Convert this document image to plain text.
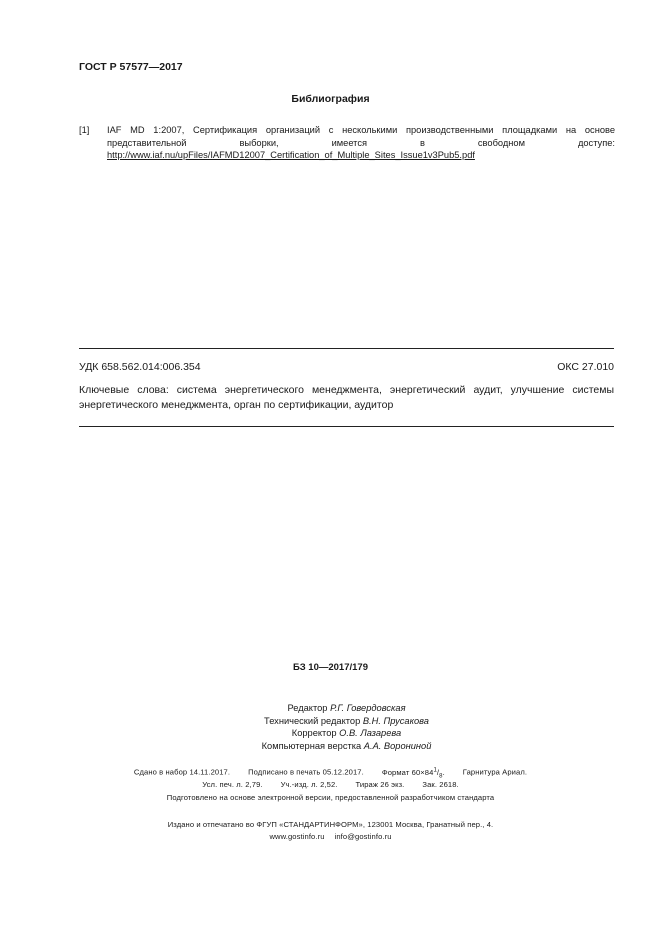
ГОСТ Р 57577—2017
Библиография
[1] IAF MD 1:2007, Сертификация организаций с несколькими производственными площадками на основе представительной выборки, имеется в свободном доступе: http://www.iaf.nu/upFiles/IAFMD12007_Certification_of_Multiple_Sites_Issue1v3Pub5.pdf
УДК 658.562.014:006.354	ОКС 27.010
Ключевые слова: система энергетического менеджмента, энергетический аудит, улучшение системы энергетического менеджмента, орган по сертификации, аудитор
БЗ 10—2017/179
Редактор Р.Г. Говердовская
Технический редактор В.Н. Прусакова
Корректор О.В. Лазарева
Компьютерная верстка А.А. Ворониной
Сдано в набор 14.11.2017. Подписано в печать 05.12.2017. Формат $60\times 84^1/_8$. Гарнитура Ариал.
Усл. печ. л. 2,79. Уч.-изд. л. 2,52. Тираж 26 экз. Зак. 2618.
Подготовлено на основе электронной версии, предоставленной разработчиком стандарта
Издано и отпечатано во ФГУП «СТАНДАРТИНФОРМ», 123001 Москва, Гранатный пер., 4.
www.gostinfo.ru info@gostinfo.ru
